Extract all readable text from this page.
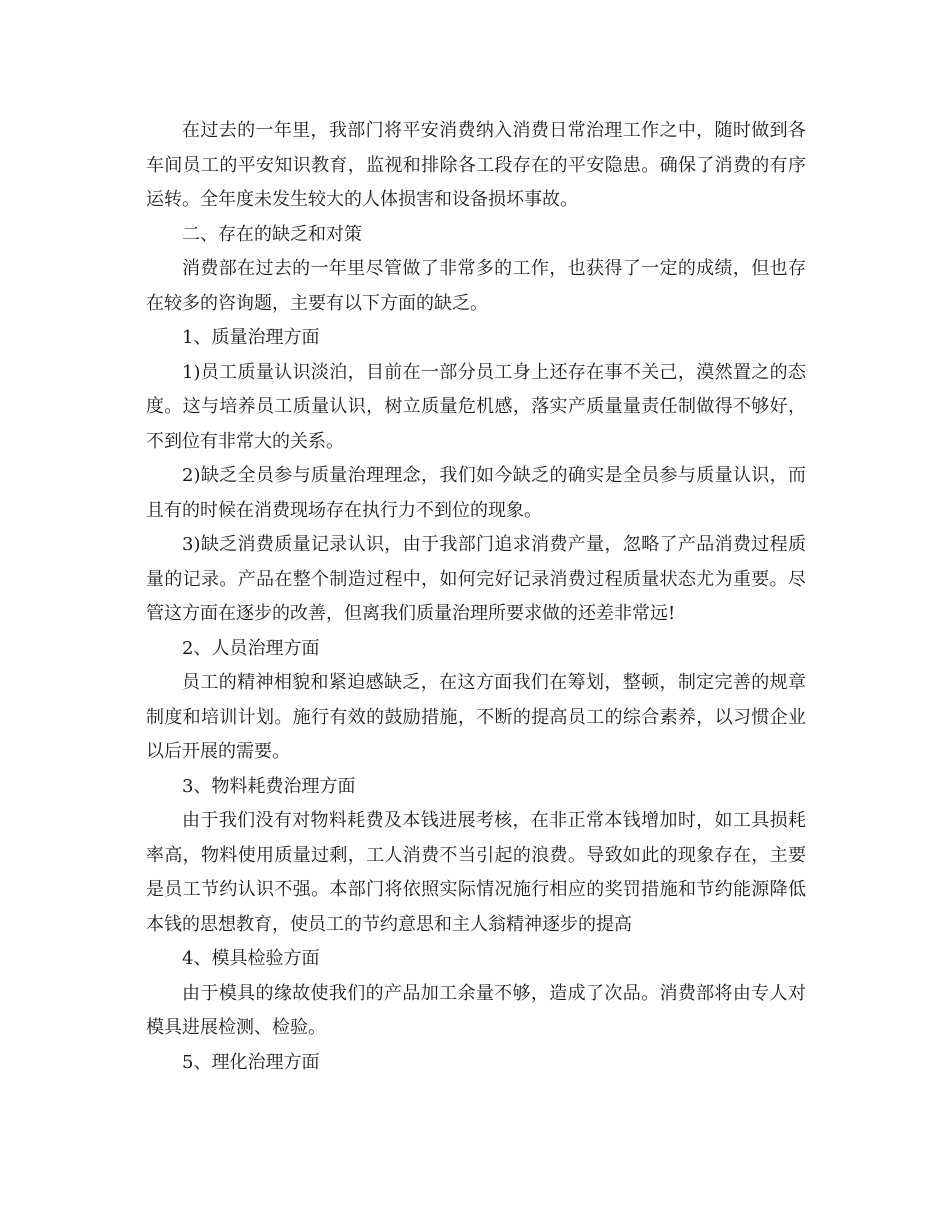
在过去的一年里，我部门将平安消费纳入消费日常治理工作之中，随时做到各车间员工的平安知识教育，监视和排除各工段存在的平安隐患。确保了消费的有序运转。全年度未发生较大的人体损害和设备损坏事故。

二、存在的缺乏和对策

消费部在过去的一年里尽管做了非常多的工作，也获得了一定的成绩，但也存在较多的咨询题，主要有以下方面的缺乏。

1、质量治理方面

1)员工质量认识淡泊，目前在一部分员工身上还存在事不关己，漠然置之的态度。这与培养员工质量认识，树立质量危机感，落实产质量量责任制做得不够好，不到位有非常大的关系。

2)缺乏全员参与质量治理理念，我们如今缺乏的确实是全员参与质量认识，而且有的时候在消费现场存在执行力不到位的现象。

3)缺乏消费质量记录认识，由于我部门追求消费产量，忽略了产品消费过程质量的记录。产品在整个制造过程中，如何完好记录消费过程质量状态尤为重要。尽管这方面在逐步的改善，但离我们质量治理所要求做的还差非常远!

2、人员治理方面

员工的精神相貌和紧迫感缺乏，在这方面我们在筹划，整顿，制定完善的规章制度和培训计划。施行有效的鼓励措施，不断的提高员工的综合素养，以习惯企业以后开展的需要。

3、物料耗费治理方面

由于我们没有对物料耗费及本钱进展考核，在非正常本钱增加时，如工具损耗率高，物料使用质量过剩，工人消费不当引起的浪费。导致如此的现象存在，主要是员工节约认识不强。本部门将依照实际情况施行相应的奖罚措施和节约能源降低本钱的思想教育，使员工的节约意思和主人翁精神逐步的提高

4、模具检验方面

由于模具的缘故使我们的产品加工余量不够，造成了次品。消费部将由专人对模具进展检测、检验。

5、理化治理方面
